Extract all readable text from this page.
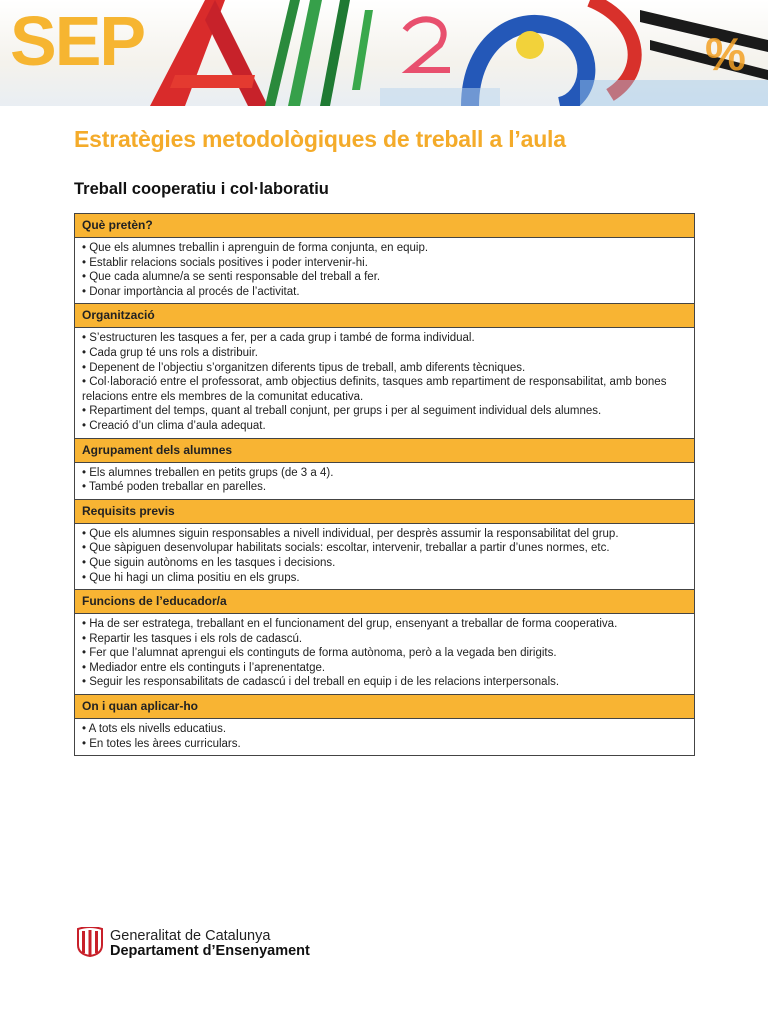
%
SEP
Estratègies metodològiques de treball a l’aula
Treball cooperatiu i col·laboratiu
Què pretèn?
• Que els alumnes treballin i aprenguin de forma conjunta, en equip.
• Establir relacions socials positives i poder intervenir-hi.
• Que cada alumne/a se senti responsable del treball a fer.
• Donar importància al procés de l’activitat.
Organització
• S’estructuren les tasques a fer, per a cada grup i també de forma individual.
• Cada grup té uns rols a distribuir.
• Depenent de l’objectiu s’organitzen diferents tipus de treball, amb diferents tècniques.
• Col·laboració entre el professorat, amb objectius definits, tasques amb repartiment de responsabilitat, amb bones relacions entre els membres de la comunitat educativa.
• Repartiment del temps, quant al treball conjunt, per grups i per al seguiment individual dels alumnes.
• Creació d’un clima d’aula adequat.
Agrupament dels alumnes
• Els alumnes treballen en petits grups (de 3 a 4).
• També poden treballar en parelles.
Requisits previs
• Que els alumnes siguin responsables a nivell individual, per desprès assumir la responsabilitat del grup.
• Que sàpiguen desenvolupar habilitats socials: escoltar, intervenir, treballar a partir d’unes normes, etc.
• Que siguin autònoms en les tasques i decisions.
• Que hi hagi un clima positiu en els grups.
Funcions de l’educador/a
• Ha de ser estratega, treballant en el funcionament del grup, ensenyant a treballar de forma cooperativa.
• Repartir les tasques i els rols de cadascú.
• Fer que l’alumnat aprengui els continguts de forma autònoma, però a la vegada ben dirigits.
• Mediador entre els continguts i l’aprenentatge.
• Seguir les responsabilitats de cadascú i del treball en equip i de les relacions interpersonals.
On i quan aplicar-ho
• A tots els nivells educatius.
• En totes les àrees curriculars.
Generalitat de Catalunya
Departament d’Ensenyament
